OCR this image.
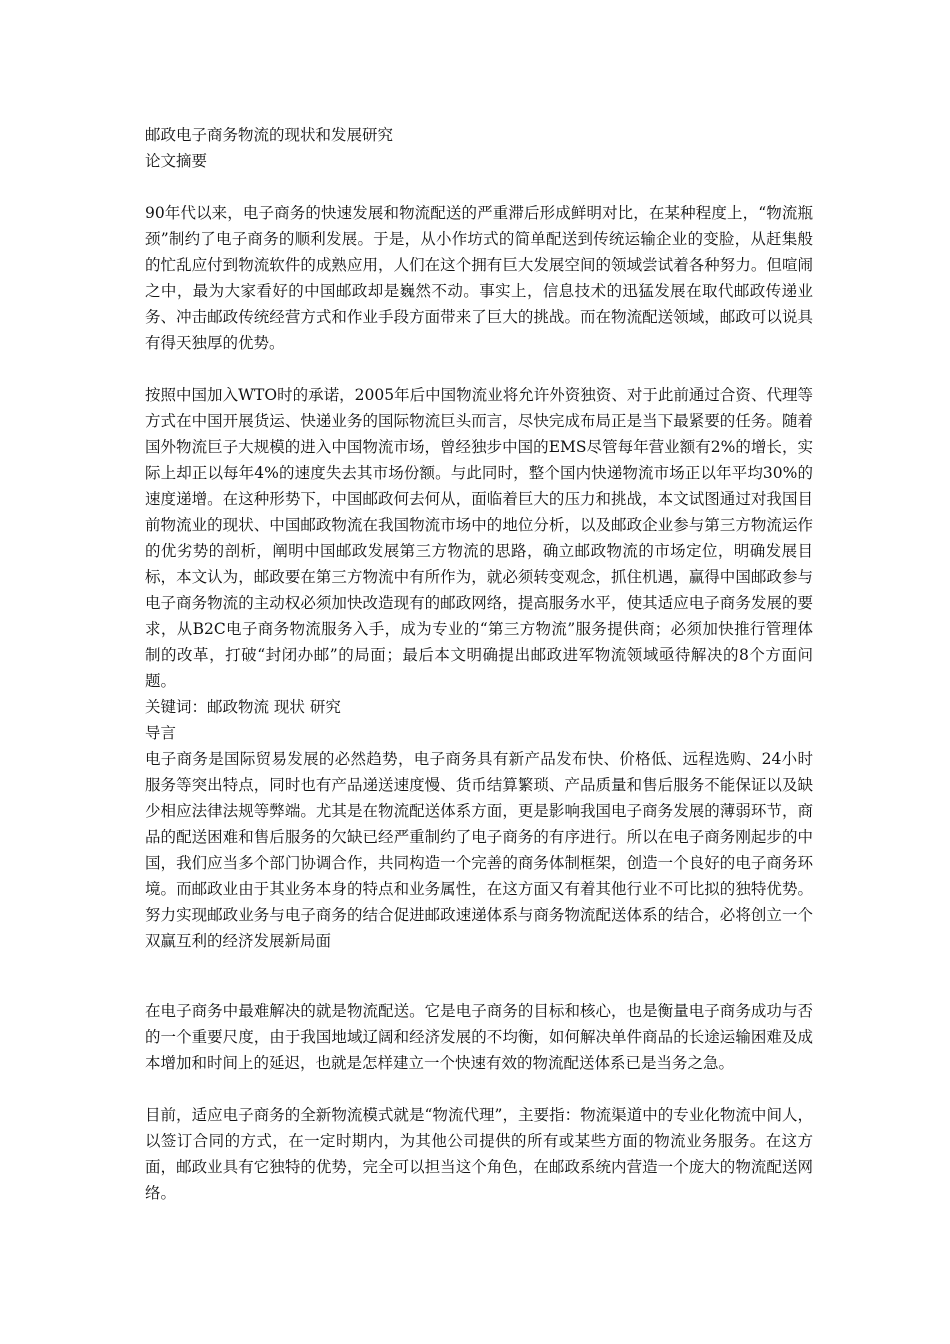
邮政电子商务物流的现状和发展研究
论文摘要

90年代以来，电子商务的快速发展和物流配送的严重滞后形成鲜明对比，在某种程度上，“物流瓶颈”制约了电子商务的顺利发展。于是，从小作坊式的简单配送到传统运输企业的变脸，从赶集般的忙乱应付到物流软件的成熟应用，人们在这个拥有巨大发展空间的领域尝试着各种努力。但喧闹之中，最为大家看好的中国邮政却是巍然不动。事实上，信息技术的迅猛发展在取代邮政传递业务、冲击邮政传统经营方式和作业手段方面带来了巨大的挑战。而在物流配送领域，邮政可以说具有得天独厚的优势。

按照中国加入WTO时的承诺，2005年后中国物流业将允许外资独资、对于此前通过合资、代理等方式在中国开展货运、快递业务的国际物流巨头而言，尽快完成布局正是当下最紧要的任务。随着国外物流巨子大规模的进入中国物流市场，曾经独步中国的EMS尽管每年营业额有2%的增长，实际上却正以每年4%的速度失去其市场份额。与此同时，整个国内快递物流市场正以年平均30%的速度递增。在这种形势下，中国邮政何去何从，面临着巨大的压力和挑战，本文试图通过对我国目前物流业的现状、中国邮政物流在我国物流市场中的地位分析，以及邮政企业参与第三方物流运作的优劣势的剖析，阐明中国邮政发展第三方物流的思路，确立邮政物流的市场定位，明确发展目标，本文认为，邮政要在第三方物流中有所作为，就必须转变观念，抓住机遇，赢得中国邮政参与电子商务物流的主动权必须加快改造现有的邮政网络，提高服务水平，使其适应电子商务发展的要求，从B2C电子商务物流服务入手，成为专业的“第三方物流”服务提供商；必须加快推行管理体制的改革，打破“封闭办邮”的局面；最后本文明确提出邮政进军物流领域亟待解决的8个方面问题。

关键词：邮政物流 现状 研究
导言

电子商务是国际贸易发展的必然趋势，电子商务具有新产品发布快、价格低、远程选购、24小时服务等突出特点，同时也有产品递送速度慢、货币结算繁琐、产品质量和售后服务不能保证以及缺少相应法律法规等弊端。尤其是在物流配送体系方面，更是影响我国电子商务发展的薄弱环节，商品的配送困难和售后服务的欠缺已经严重制约了电子商务的有序进行。所以在电子商务刚起步的中国，我们应当多个部门协调合作，共同构造一个完善的商务体制框架，创造一个良好的电子商务环境。而邮政业由于其业务本身的特点和业务属性，在这方面又有着其他行业不可比拟的独特优势。努力实现邮政业务与电子商务的结合促进邮政速递体系与商务物流配送体系的结合，必将创立一个双赢互利的经济发展新局面

在电子商务中最难解决的就是物流配送。它是电子商务的目标和核心，也是衡量电子商务成功与否的一个重要尺度，由于我国地域辽阔和经济发展的不均衡，如何解决单件商品的长途运输困难及成本增加和时间上的延迟，也就是怎样建立一个快速有效的物流配送体系已是当务之急。

目前，适应电子商务的全新物流模式就是“物流代理”，主要指：物流渠道中的专业化物流中间人，以签订合同的方式，在一定时期内，为其他公司提供的所有或某些方面的物流业务服务。在这方面，邮政业具有它独特的优势，完全可以担当这个角色，在邮政系统内营造一个庞大的物流配送网络。
